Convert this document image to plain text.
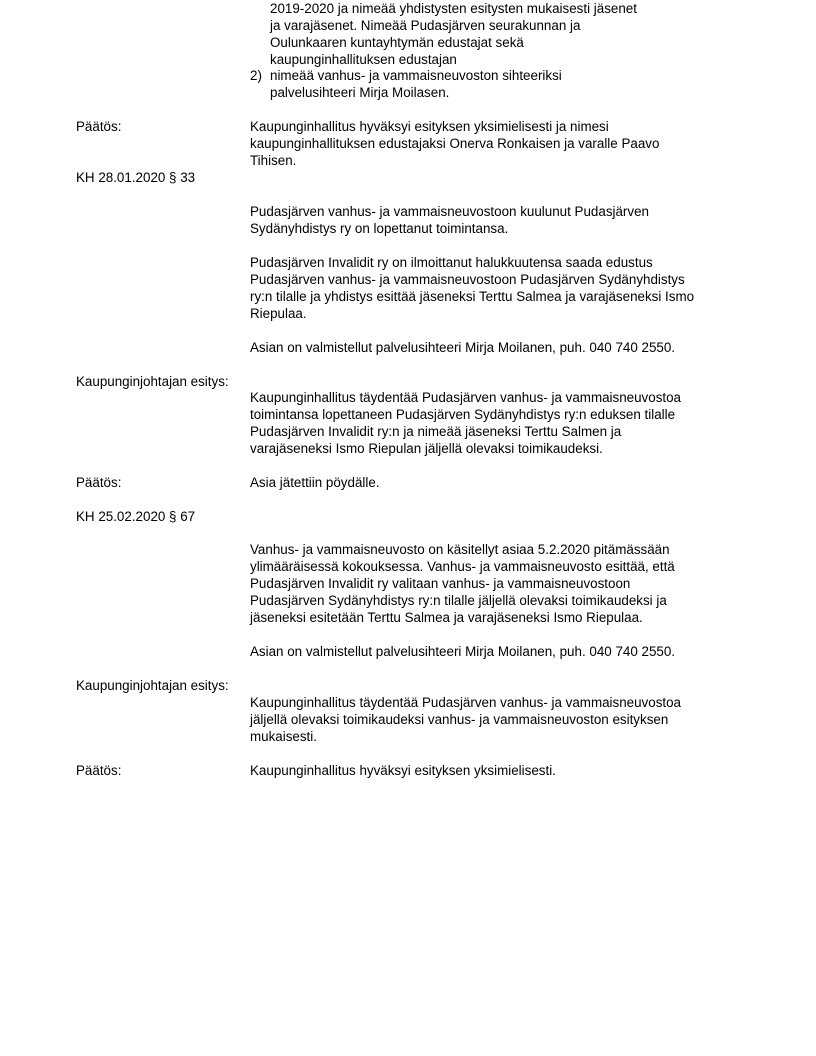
2019-2020 ja nimeää yhdistysten esitysten mukaisesti jäsenet
ja varajäsenet. Nimeää Pudasjärven seurakunnan ja
Oulunkaaren kuntayhtymän edustajat sekä
kaupunginhallituksen edustajan
2) nimeää vanhus- ja vammaisneuvoston sihteeriksi
palvelusihteeri Mirja Moilasen.
Päätös:	Kaupunginhallitus hyväksyi esityksen yksimielisesti ja nimesi
kaupunginhallituksen edustajaksi Onerva Ronkaisen ja varalle Paavo
Tihisen.
KH 28.01.2020 § 33
Pudasjärven vanhus- ja vammaisneuvostoon kuulunut Pudasjärven
Sydänyhdistys ry on lopettanut toimintansa.
Pudasjärven Invalidit ry on ilmoittanut halukkuutensa saada edustus
Pudasjärven vanhus- ja vammaisneuvostoon Pudasjärven Sydänyhdistys
ry:n tilalle ja yhdistys esittää jäseneksi Terttu Salmea ja varajäseneksi Ismo
Riepulaa.
Asian on valmistellut palvelusihteeri Mirja Moilanen, puh. 040 740 2550.
Kaupunginjohtajan esitys:
Kaupunginhallitus täydentää Pudasjärven vanhus- ja vammaisneuvostoa
toimintansa lopettaneen Pudasjärven Sydänyhdistys ry:n eduksen tilalle
Pudasjärven Invalidit ry:n ja nimeää jäseneksi Terttu Salmen ja
varajäseneksi Ismo Riepulan jäljellä olevaksi toimikaudeksi.
Päätös:	Asia jätettiin pöydälle.
KH 25.02.2020 § 67
Vanhus- ja vammaisneuvosto on käsitellyt asiaa 5.2.2020 pitämässään
ylimääräisessä kokouksessa. Vanhus- ja vammaisneuvosto esittää, että
Pudasjärven Invalidit ry valitaan vanhus- ja vammaisneuvostoon
Pudasjärven Sydänyhdistys ry:n tilalle jäljellä olevaksi toimikaudeksi ja
jäseneksi esitetään Terttu Salmea ja varajäseneksi Ismo Riepulaa.
Asian on valmistellut palvelusihteeri Mirja Moilanen, puh. 040 740 2550.
Kaupunginjohtajan esitys:
Kaupunginhallitus täydentää Pudasjärven vanhus- ja vammaisneuvostoa
jäljellä olevaksi toimikaudeksi vanhus- ja vammaisneuvoston esityksen
mukaisesti.
Päätös:	Kaupunginhallitus hyväksyi esityksen yksimielisesti.
